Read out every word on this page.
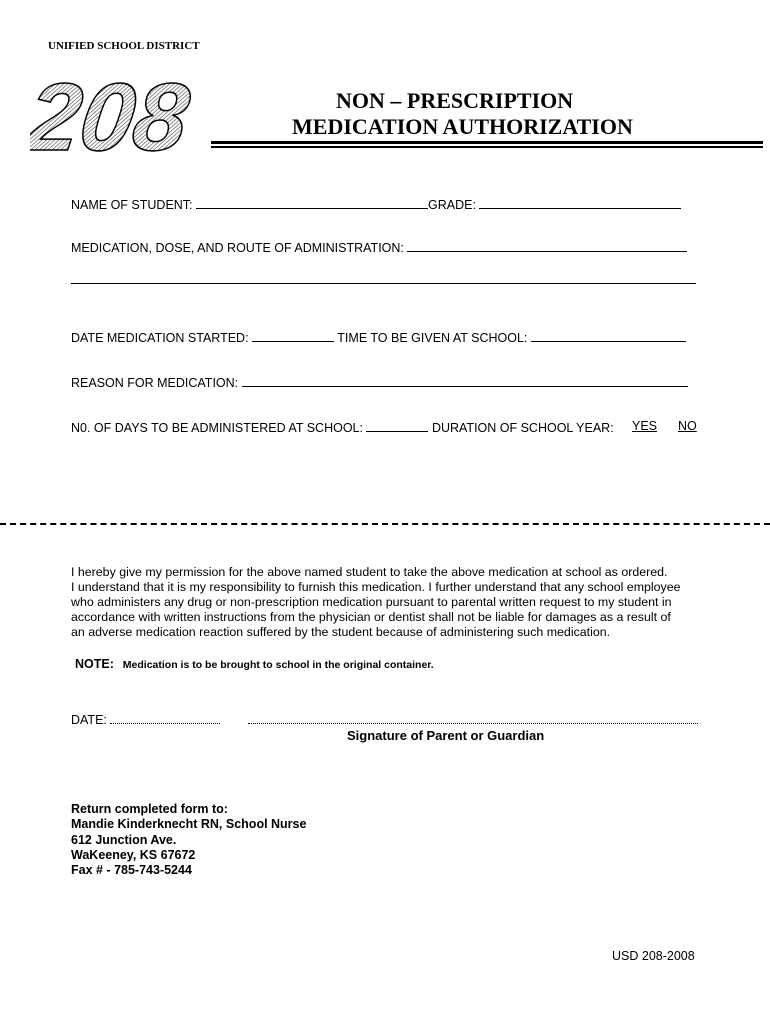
UNIFIED SCHOOL DISTRICT
208	NON – PRESCRIPTION
MEDICATION AUTHORIZATION
NAME OF STUDENT:	GRADE:
MEDICATION, DOSE, AND ROUTE OF ADMINISTRATION:
DATE MEDICATION STARTED:	TIME TO BE GIVEN AT SCHOOL:
REASON FOR MEDICATION:
N0. OF DAYS TO BE ADMINISTERED AT SCHOOL:	DURATION OF SCHOOL YEAR: YES NO
I hereby give my permission for the above named student to take the above medication at school as ordered.
I understand that it is my responsibility to furnish this medication. I further understand that any school employee
who administers any drug or non-prescription medication pursuant to parental written request to my student in
accordance with written instructions from the physician or dentist shall not be liable for damages as a result of
an adverse medication reaction suffered by the student because of administering such medication.
NOTE: Medication is to be brought to school in the original container.
DATE:
Signature of Parent or Guardian
Return completed form to:
Mandie Kinderknecht RN, School Nurse
612 Junction Ave.
WaKeeney, KS 67672
Fax # - 785-743-5244
USD 208-2008
